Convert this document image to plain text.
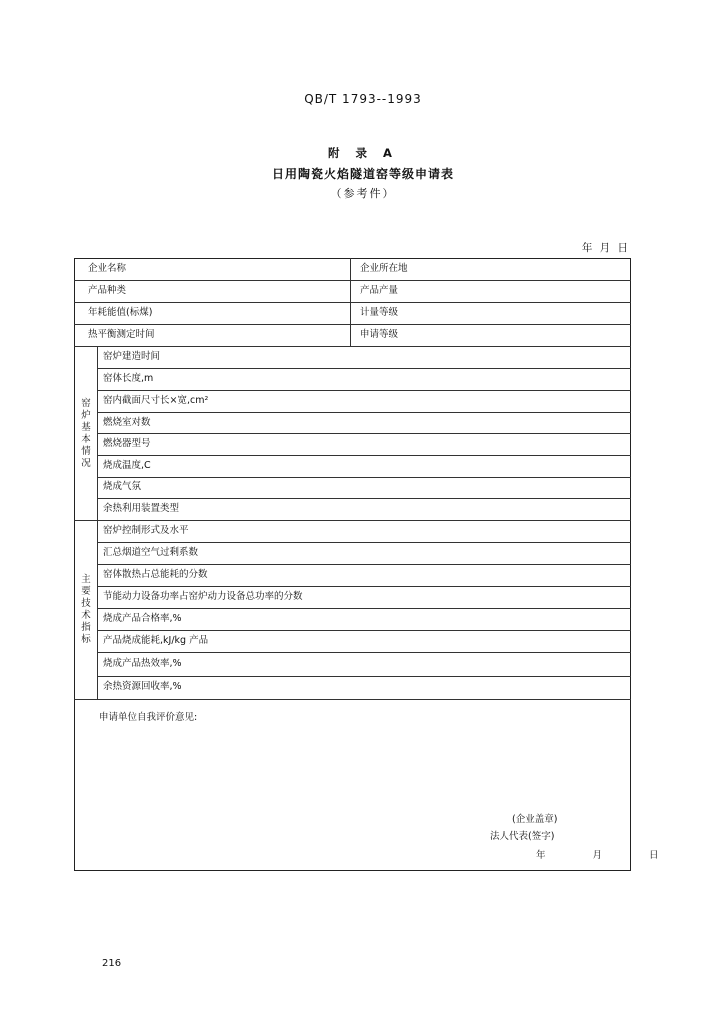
QB/T 1793--1993
附 录 A
日用陶瓷火焰隧道窑等级申请表
（参考件）
年 月 日
企业名称	企业所在地
产品种类	产品产量
年耗能值(标煤)	计量等级
热平衡测定时间	申请等级
窑炉基本情况
窑炉建造时间
窑体长度,m
窑内截面尺寸长×宽,cm²
燃烧室对数
燃烧器型号
烧成温度,C
烧成气氛
余热利用装置类型
主要技术指标
窑炉控制形式及水平
汇总烟道空气过剩系数
窑体散热占总能耗的分数
节能动力设备功率占窑炉动力设备总功率的分数
烧成产品合格率,%
产品烧成能耗,kJ/kg 产品
烧成产品热效率,%
余热资源回收率,%
申请单位自我评价意见:
(企业盖章)
法人代表(签字)
年 月 日
216
